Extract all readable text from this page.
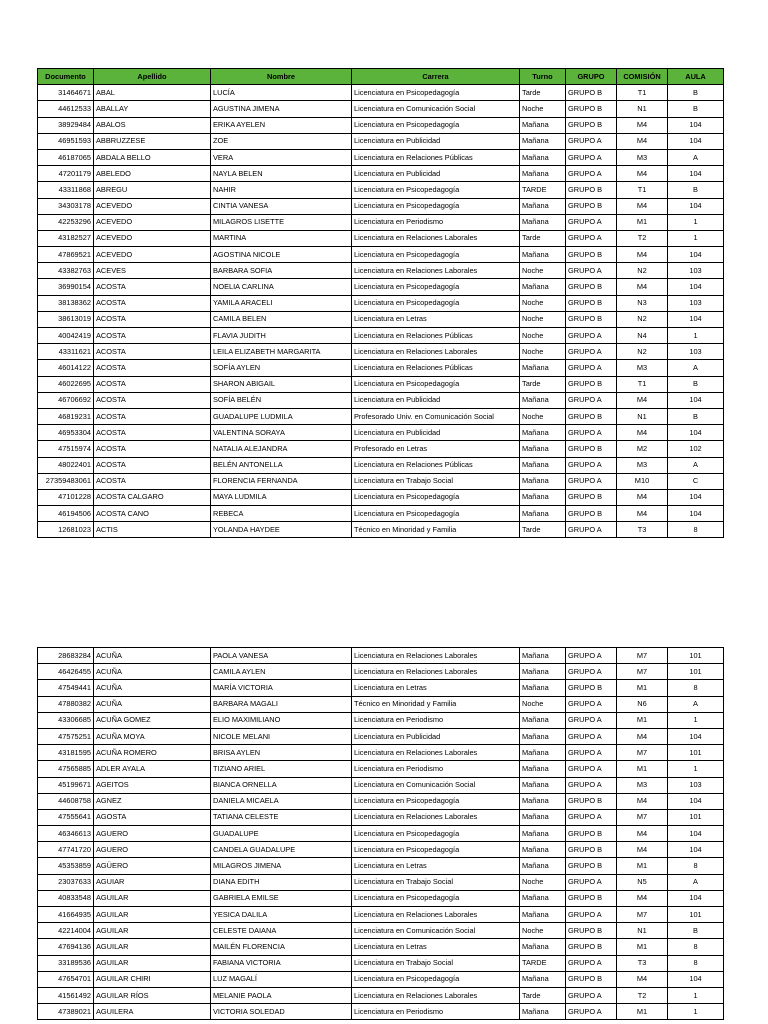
Documento	Apellido	Nombre	Carrera	Turno	GRUPO	COMISIÓN	AULA
31464671	ABAL	LUCÍA	Licenciatura en Psicopedagogía	Tarde	GRUPO B	T1	B
44612533	ABALLAY	AGUSTINA JIMENA	Licenciatura en Comunicación Social	Noche	GRUPO B	N1	B
38929484	ABALOS	ERIKA AYELEN	Licenciatura en Psicopedagogía	Mañana	GRUPO B	M4	104
46951593	ABBRUZZESE	ZOE	Licenciatura en Publicidad	Mañana	GRUPO A	M4	104
46187065	ABDALA BELLO	VERA	Licenciatura en Relaciones Públicas	Mañana	GRUPO A	M3	A
47201179	ABELEDO	NAYLA BELEN	Licenciatura en Publicidad	Mañana	GRUPO A	M4	104
43311868	ABREGU	NAHIR	Licenciatura en Psicopedagogía	TARDE	GRUPO B	T1	B
34303178	ACEVEDO	CINTIA VANESA	Licenciatura en Psicopedagogía	Mañana	GRUPO B	M4	104
42253296	ACEVEDO	MILAGROS LISETTE	Licenciatura en Periodismo	Mañana	GRUPO A	M1	1
43182527	ACEVEDO	MARTINA	Licenciatura en Relaciones Laborales	Tarde	GRUPO A	T2	1
47869521	ACEVEDO	AGOSTINA NICOLE	Licenciatura en Psicopedagogía	Mañana	GRUPO B	M4	104
43382763	ACEVES	BARBARA SOFIA	Licenciatura en Relaciones Laborales	Noche	GRUPO A	N2	103
36990154	ACOSTA	NOELIA CARLINA	Licenciatura en Psicopedagogía	Mañana	GRUPO B	M4	104
38138362	ACOSTA	YAMILA ARACELI	Licenciatura en Psicopedagogía	Noche	GRUPO B	N3	103
38613019	ACOSTA	CAMILA BELEN	Licenciatura en Letras	Noche	GRUPO B	N2	104
40042419	ACOSTA	FLAVIA JUDITH	Licenciatura en Relaciones Públicas	Noche	GRUPO A	N4	1
43311621	ACOSTA	LEILA ELIZABETH MARGARITA	Licenciatura en Relaciones Laborales	Noche	GRUPO A	N2	103
46014122	ACOSTA	SOFÍA AYLEN	Licenciatura en Relaciones Públicas	Mañana	GRUPO A	M3	A
46022695	ACOSTA	SHARON ABIGAIL	Licenciatura en Psicopedagogía	Tarde	GRUPO B	T1	B
46706692	ACOSTA	SOFÍA BELÉN	Licenciatura en Publicidad	Mañana	GRUPO A	M4	104
46819231	ACOSTA	GUADALUPE LUDMILA	Profesorado Univ. en Comunicación Social	Noche	GRUPO B	N1	B
46953304	ACOSTA	VALENTINA SORAYA	Licenciatura en Publicidad	Mañana	GRUPO A	M4	104
47515974	ACOSTA	NATALIA ALEJANDRA	Profesorado en Letras	Mañana	GRUPO B	M2	102
48022401	ACOSTA	BELÉN ANTONELLA	Licenciatura en Relaciones Públicas	Mañana	GRUPO A	M3	A
27359483061	ACOSTA	FLORENCIA FERNANDA	Licenciatura en Trabajo Social	Mañana	GRUPO A	M10	C
47101228	ACOSTA CALGARO	MAYA LUDMILA	Licenciatura en Psicopedagogía	Mañana	GRUPO B	M4	104
46194506	ACOSTA CANO	REBECA	Licenciatura en Psicopedagogía	Mañana	GRUPO B	M4	104
12681023	ACTIS	YOLANDA HAYDEE	Técnico en Minoridad y Familia	Tarde	GRUPO A	T3	8
28683284	ACUÑA	PAOLA VANESA	Licenciatura en Relaciones Laborales	Mañana	GRUPO A	M7	101
46426455	ACUÑA	CAMILA AYLEN	Licenciatura en Relaciones Laborales	Mañana	GRUPO A	M7	101
47549441	ACUÑA	MARÍA VICTORIA	Licenciatura en Letras	Mañana	GRUPO B	M1	8
47880382	ACUÑA	BARBARA MAGALI	Técnico en Minoridad y Familia	Noche	GRUPO A	N6	A
43306685	ACUÑA GOMEZ	ELIO MAXIMILIANO	Licenciatura en Periodismo	Mañana	GRUPO A	M1	1
47575251	ACUÑA MOYA	NICOLE MELANI	Licenciatura en Publicidad	Mañana	GRUPO A	M4	104
43181595	ACUÑA ROMERO	BRISA AYLEN	Licenciatura en Relaciones Laborales	Mañana	GRUPO A	M7	101
47565885	ADLER AYALA	TIZIANO ARIEL	Licenciatura en Periodismo	Mañana	GRUPO A	M1	1
45199671	AGEITOS	BIANCA ORNELLA	Licenciatura en Comunicación Social	Mañana	GRUPO A	M3	103
44608758	AGNEZ	DANIELA MICAELA	Licenciatura en Psicopedagogía	Mañana	GRUPO B	M4	104
47555641	AGOSTA	TATIANA CELESTE	Licenciatura en Relaciones Laborales	Mañana	GRUPO A	M7	101
46346613	AGUERO	GUADALUPE	Licenciatura en Psicopedagogía	Mañana	GRUPO B	M4	104
47741720	AGUERO	CANDELA GUADALUPE	Licenciatura en Psicopedagogía	Mañana	GRUPO B	M4	104
45353859	AGÜERO	MILAGROS JIMENA	Licenciatura en Letras	Mañana	GRUPO B	M1	8
23037633	AGUIAR	DIANA EDITH	Licenciatura en Trabajo Social	Noche	GRUPO A	N5	A
40833548	AGUILAR	GABRIELA EMILSE	Licenciatura en Psicopedagogía	Mañana	GRUPO B	M4	104
41664935	AGUILAR	YESICA DALILA	Licenciatura en Relaciones Laborales	Mañana	GRUPO A	M7	101
42214004	AGUILAR	CELESTE DAIANA	Licenciatura en Comunicación Social	Noche	GRUPO B	N1	B
47694136	AGUILAR	MAILÉN FLORENCIA	Licenciatura en Letras	Mañana	GRUPO B	M1	8
33189536	AGUILAR	FABIANA VICTORIA	Licenciatura en Trabajo Social	TARDE	GRUPO A	T3	8
47654701	AGUILAR CHIRI	LUZ MAGALÍ	Licenciatura en Psicopedagogía	Mañana	GRUPO B	M4	104
41561492	AGUILAR RÍOS	MELANIE PAOLA	Licenciatura en Relaciones Laborales	Tarde	GRUPO A	T2	1
47389021	AGUILERA	VICTORIA SOLEDAD	Licenciatura en Periodismo	Mañana	GRUPO A	M1	1
